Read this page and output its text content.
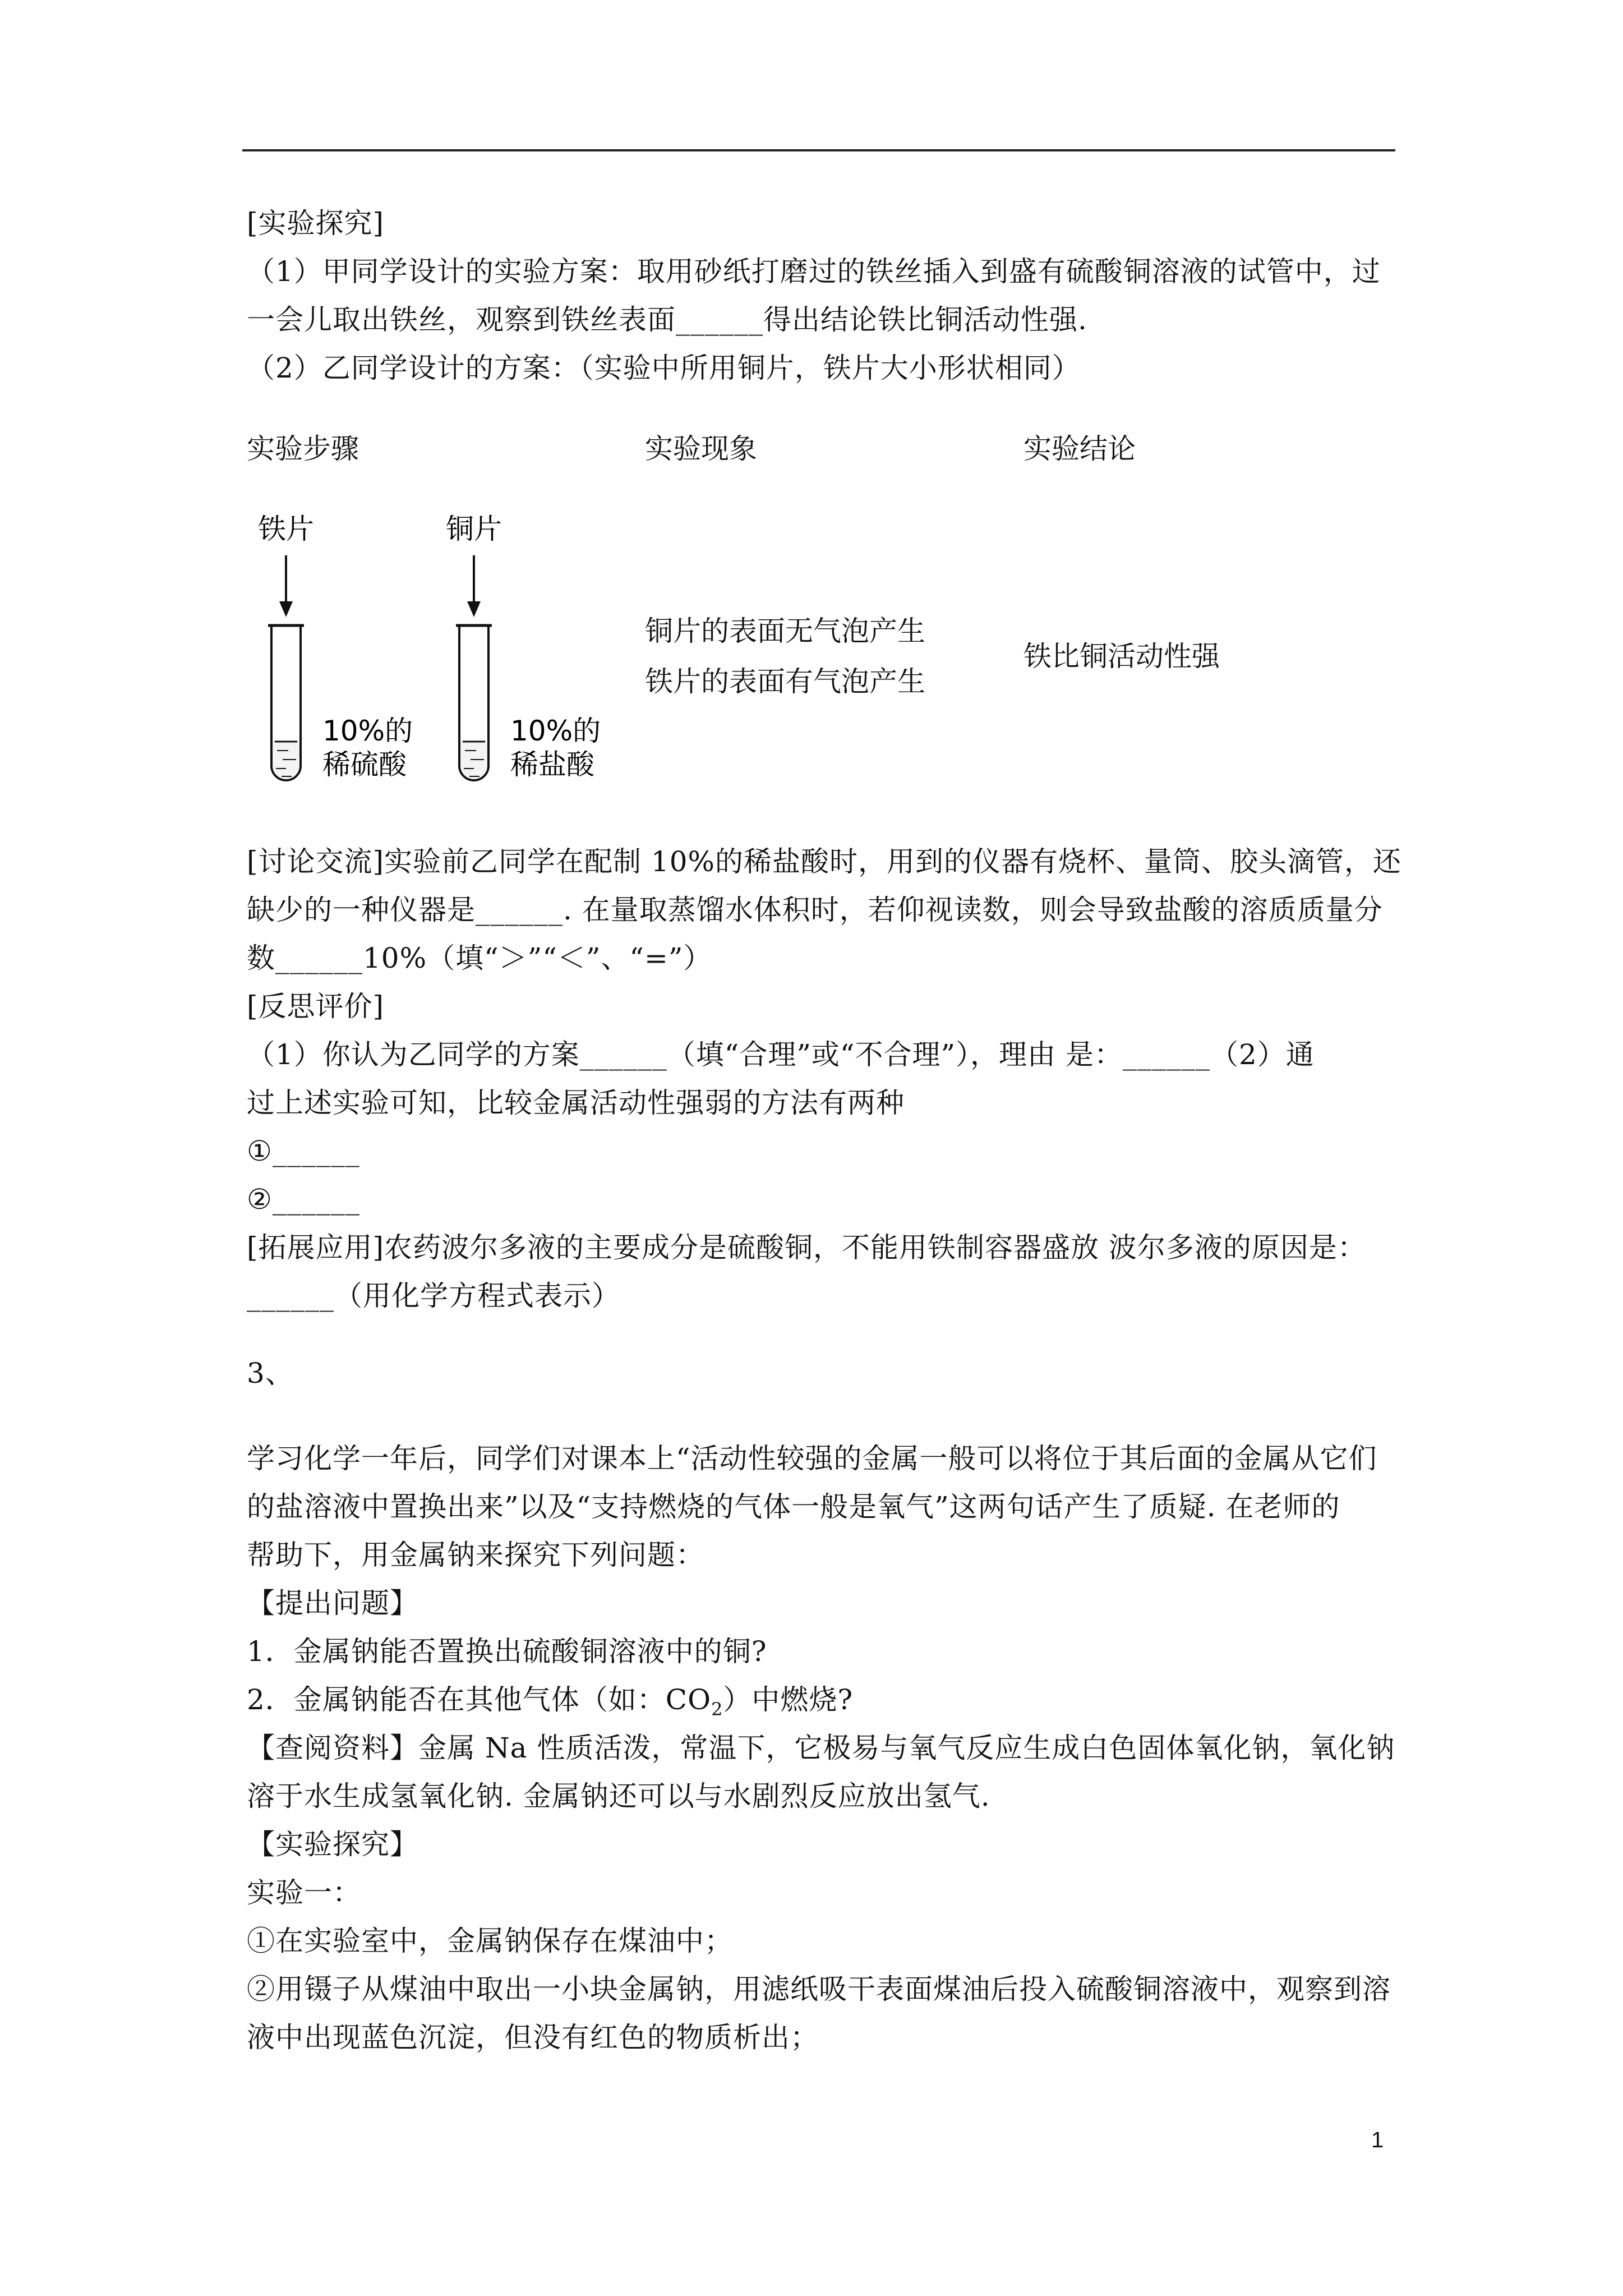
[实验探究]
（1）甲同学设计的实验方案：取用砂纸打磨过的铁丝插入到盛有硫酸铜溶液的试管中，过
一会儿取出铁丝，观察到铁丝表面______得出结论铁比铜活动性强.
（2）乙同学设计的方案：（实验中所用铜片，铁片大小形状相同）
实验步骤	实验现象	实验结论
铁片
10%的
稀硫酸
铜片
10%的
稀盐酸
铜片的表面无气泡产生
铁片的表面有气泡产生
铁比铜活动性强
[讨论交流]实验前乙同学在配制 10%的稀盐酸时，用到的仪器有烧杯、量筒、胶头滴管，还
缺少的一种仪器是______. 在量取蒸馏水体积时，若仰视读数，则会导致盐酸的溶质质量分
数______10%（填“＞”“＜”、“=”）
[反思评价]
（1）你认为乙同学的方案______（填“合理”或“不合理”），理由 是：______（2）通
过上述实验可知，比较金属活动性强弱的方法有两种
①______
②______
[拓展应用]农药波尔多液的主要成分是硫酸铜，不能用铁制容器盛放 波尔多液的原因是：
______（用化学方程式表示）
3、
学习化学一年后，同学们对课本上“活动性较强的金属一般可以将位于其后面的金属从它们
的盐溶液中置换出来”以及“支持燃烧的气体一般是氧气”这两句话产生了质疑. 在老师的
帮助下，用金属钠来探究下列问题：
【提出问题】
1．金属钠能否置换出硫酸铜溶液中的铜?
2．金属钠能否在其他气体（如：$CO_2$）中燃烧?
【查阅资料】金属 Na 性质活泼，常温下，它极易与氧气反应生成白色固体氧化钠，氧化钠
溶于水生成氢氧化钠. 金属钠还可以与水剧烈反应放出氢气.
【实验探究】
实验一：
①在实验室中，金属钠保存在煤油中；
②用镊子从煤油中取出一小块金属钠，用滤纸吸干表面煤油后投入硫酸铜溶液中，观察到溶
液中出现蓝色沉淀，但没有红色的物质析出；
1
